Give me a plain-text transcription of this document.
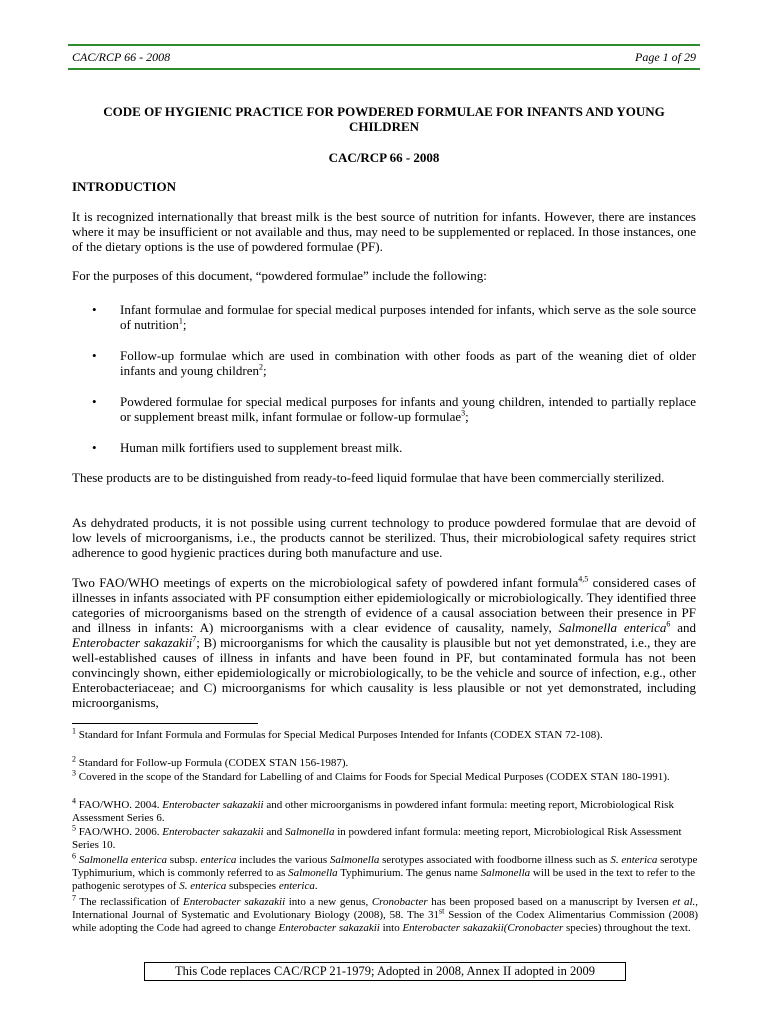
CAC/RCP 66 - 2008	Page 1 of 29
CODE OF HYGIENIC PRACTICE FOR POWDERED FORMULAE FOR INFANTS AND YOUNG CHILDREN
CAC/RCP 66 - 2008
INTRODUCTION

It is recognized internationally that breast milk is the best source of nutrition for infants. However, there are instances where it may be insufficient or not available and thus, may need to be supplemented or replaced. In those instances, one of the dietary options is the use of powdered formulae (PF).

For the purposes of this document, “powdered formulae” include the following:

• Infant formulae and formulae for special medical purposes intended for infants, which serve as the sole source of nutrition$^1$;

• Follow-up formulae which are used in combination with other foods as part of the weaning diet of older infants and young children$^2$;

• Powdered formulae for special medical purposes for infants and young children, intended to partially replace or supplement breast milk, infant formulae or follow-up formulae$^3$;

• Human milk fortifiers used to supplement breast milk.

These products are to be distinguished from ready-to-feed liquid formulae that have been commercially sterilized.

As dehydrated products, it is not possible using current technology to produce powdered formulae that are devoid of low levels of microorganisms, i.e., the products cannot be sterilized. Thus, their microbiological safety requires strict adherence to good hygienic practices during both manufacture and use.

Two FAO/WHO meetings of experts on the microbiological safety of powdered infant formula$^{4,5}$ considered cases of illnesses in infants associated with PF consumption either epidemiologically or microbiologically. They identified three categories of microorganisms based on the strength of evidence of a causal association between their presence in PF and illness in infants: A) microorganisms with a clear evidence of causality, namely, Salmonella enterica$^6$ and Enterobacter sakazakii$^7$; B) microorganisms for which the causality is plausible but not yet demonstrated, i.e., they are well-established causes of illness in infants and have been found in PF, but contaminated formula has not been convincingly shown, either epidemiologically or microbiologically, to be the vehicle and source of infection, e.g., other Enterobacteriaceae; and C) microorganisms for which causality is less plausible or not yet demonstrated, including microorganisms,

$^1$ Standard for Infant Formula and Formulas for Special Medical Purposes Intended for Infants (CODEX STAN 72-108).

$^2$ Standard for Follow-up Formula (CODEX STAN 156-1987).

$^3$ Covered in the scope of the Standard for Labelling of and Claims for Foods for Special Medical Purposes (CODEX STAN 180-1991).

$^4$ FAO/WHO. 2004. Enterobacter sakazakii and other microorganisms in powdered infant formula: meeting report, Microbiological Risk Assessment Series 6.

$^5$ FAO/WHO. 2006. Enterobacter sakazakii and Salmonella in powdered infant formula: meeting report, Microbiological Risk Assessment Series 10.

$^6$ Salmonella enterica subsp. enterica includes the various Salmonella serotypes associated with foodborne illness such as S. enterica serotype Typhimurium, which is commonly referred to as Salmonella Typhimurium. The genus name Salmonella will be used in the text to refer to the pathogenic serotypes of S. enterica subspecies enterica.

$^7$ The reclassification of Enterobacter sakazakii into a new genus, Cronobacter has been proposed based on a manuscript by Iversen et al., International Journal of Systematic and Evolutionary Biology (2008), 58. The 31st Session of the Codex Alimentarius Commission (2008) while adopting the Code had agreed to change Enterobacter sakazakii into Enterobacter sakazakii(Cronobacter species) throughout the text.

This Code replaces CAC/RCP 21-1979; Adopted in 2008, Annex II adopted in 2009
